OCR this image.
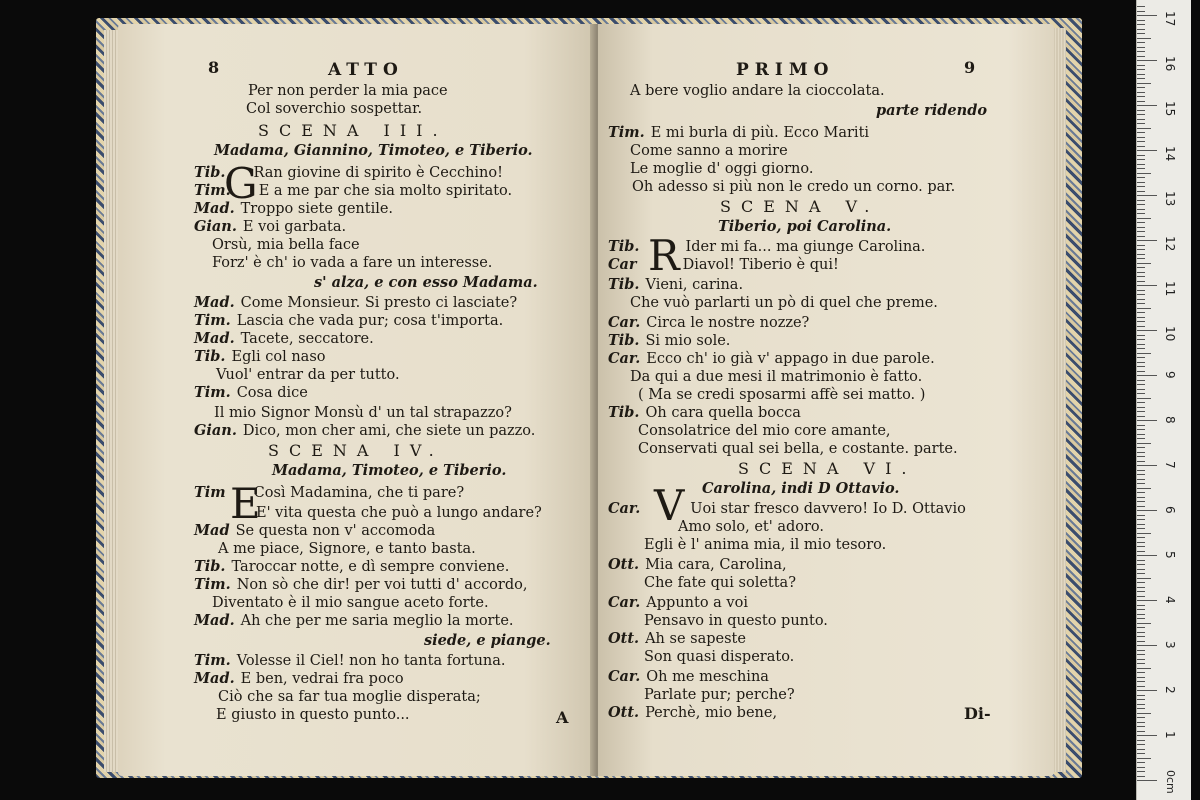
8	ATTO
Per non perder la mia pace
Col soverchio sospettar.
SCENA III.
Madama, Giannino, Timoteo, e Tiberio.
Tib. Ran giovine di spirito è Cecchino!
Tim. E a me par che sia molto spiritato.
Mad. Troppo siete gentile.
Gian. E voi garbata.
Orsù, mia bella face
Forz' è ch' io vada a fare un interesse.
s' alza, e con esso Madama.
Mad. Come Monsieur. Si presto ci lasciate?
Tim. Lascia che vada pur; cosa t'importa.
Mad. Tacete, seccatore.
Tib. Egli col naso
Vuol' entrar da per tutto.
Tim. Cosa dice
Il mio Signor Monsù d' un tal strapazzo?
Gian. Dico, mon cher ami, che siete un pazzo.
SCENA IV.
Madama, Timoteo, e Tiberio.
Tim Così Madamina, che ti pare?
E' vita questa che può a lungo andare?
Mad Se questa non v' accomoda
A me piace, Signore, e tanto basta.
Tib. Taroccar notte, e dì sempre conviene.
Tim. Non sò che dir! per voi tutti d' accordo,
Diventato è il mio sangue aceto forte.
Mad. Ah che per me saria meglio la morte.
siede, e piange.
Tim. Volesse il Ciel! non ho tanta fortuna.
Mad. E ben, vedrai fra poco
Ciò che sa far tua moglie disperata;
E giusto in questo punto...
G
E
A
PRIMO	9
A bere voglio andare la cioccolata.
parte ridendo
Tim. E mi burla di più. Ecco Mariti
Come sanno a morire
Le moglie d' oggi giorno.
Oh adesso si più non le credo un corno. par.
SCENA V.
Tiberio, poi Carolina.
Tib.	Ider mi fa... ma giunge Carolina.
Car	Diavol! Tiberio è qui!
Tib. Vieni, carina.
Che vuò parlarti un pò di quel che preme.
Car. Circa le nostre nozze?
Tib. Si mio sole.
Car. Ecco ch' io già v' appago in due parole.
Da qui a due mesi il matrimonio è fatto.
( Ma se credi sposarmi affè sei matto. )
Tib. Oh cara quella bocca
Consolatrice del mio core amante,
Conservati qual sei bella, e costante. parte.
SCENA VI.
Carolina, indi D Ottavio.
Car.	Uoi star fresco davvero! Io D. Ottavio
Amo solo, et' adoro.
Egli è l' anima mia, il mio tesoro.
Ott. Mia cara, Carolina,
Che fate qui soletta?
Car. Appunto a voi
Pensavo in questo punto.
Ott. Ah se sapeste
Son quasi disperato.
Car. Oh me meschina
Parlate pur; perche?
Ott. Perchè, mio bene,
R
V
Di-
0cm
1
2
3
4
5
6
7
8
9
10
11
12
13
14
15
16
17
